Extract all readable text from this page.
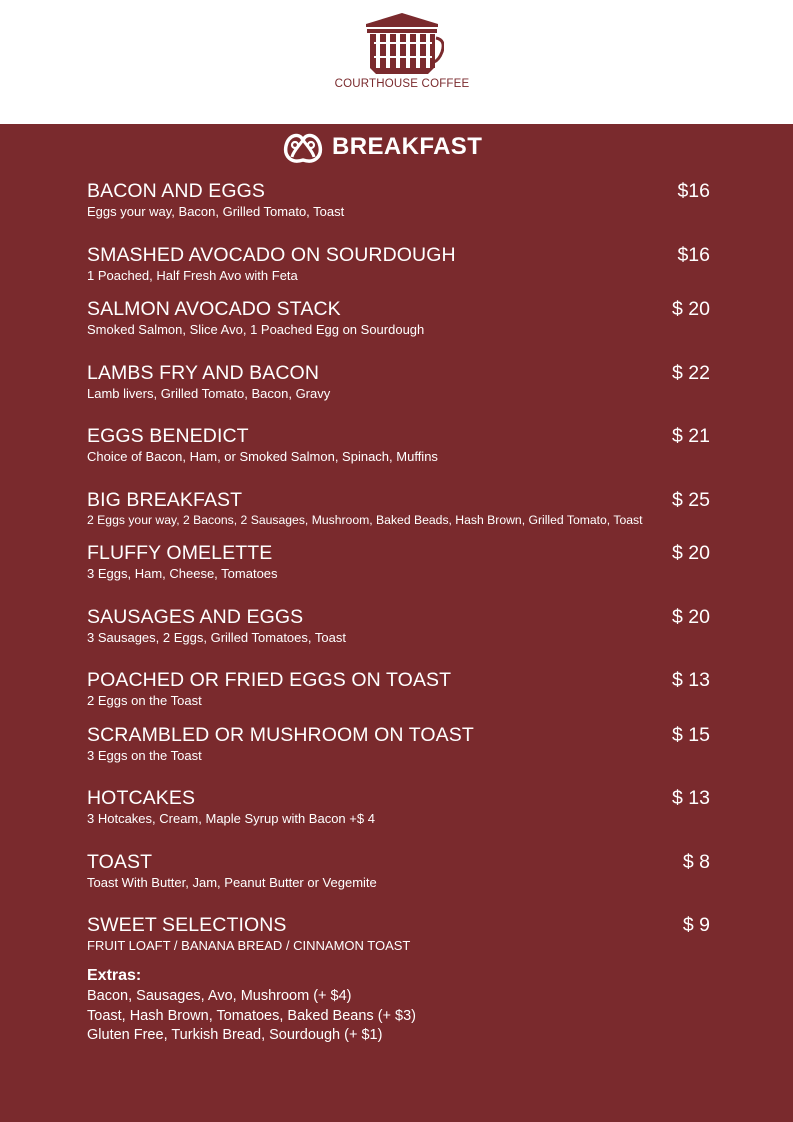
COURTHOUSE COFFEE
BREAKFAST
BACON AND EGGS	$16
Eggs your way, Bacon, Grilled Tomato, Toast
SMASHED AVOCADO ON SOURDOUGH	$16
1 Poached, Half Fresh Avo with Feta
SALMON AVOCADO STACK	$ 20
Smoked Salmon, Slice Avo, 1 Poached Egg on Sourdough
LAMBS FRY AND BACON	$ 22
Lamb livers, Grilled Tomato, Bacon, Gravy
EGGS BENEDICT	$ 21
Choice of Bacon, Ham, or Smoked Salmon, Spinach, Muffins
BIG BREAKFAST	$ 25
2 Eggs your way, 2 Bacons, 2 Sausages, Mushroom, Baked Beads, Hash Brown, Grilled Tomato, Toast
FLUFFY OMELETTE	$ 20
3 Eggs, Ham, Cheese, Tomatoes
SAUSAGES AND EGGS	$ 20
3 Sausages, 2 Eggs, Grilled Tomatoes, Toast
POACHED OR FRIED EGGS ON TOAST	$ 13
2 Eggs on the Toast
SCRAMBLED OR MUSHROOM ON TOAST	$ 15
3 Eggs on the Toast
HOTCAKES	$ 13
3 Hotcakes, Cream, Maple Syrup with Bacon +$ 4
TOAST	$ 8
Toast With Butter, Jam, Peanut Butter or Vegemite
SWEET SELECTIONS	$ 9
FRUIT LOAFT / BANANA BREAD / CINNAMON TOAST
Extras:
Bacon, Sausages, Avo, Mushroom (+ $4)
Toast, Hash Brown, Tomatoes, Baked Beans (+ $3)
Gluten Free, Turkish Bread, Sourdough (+ $1)
